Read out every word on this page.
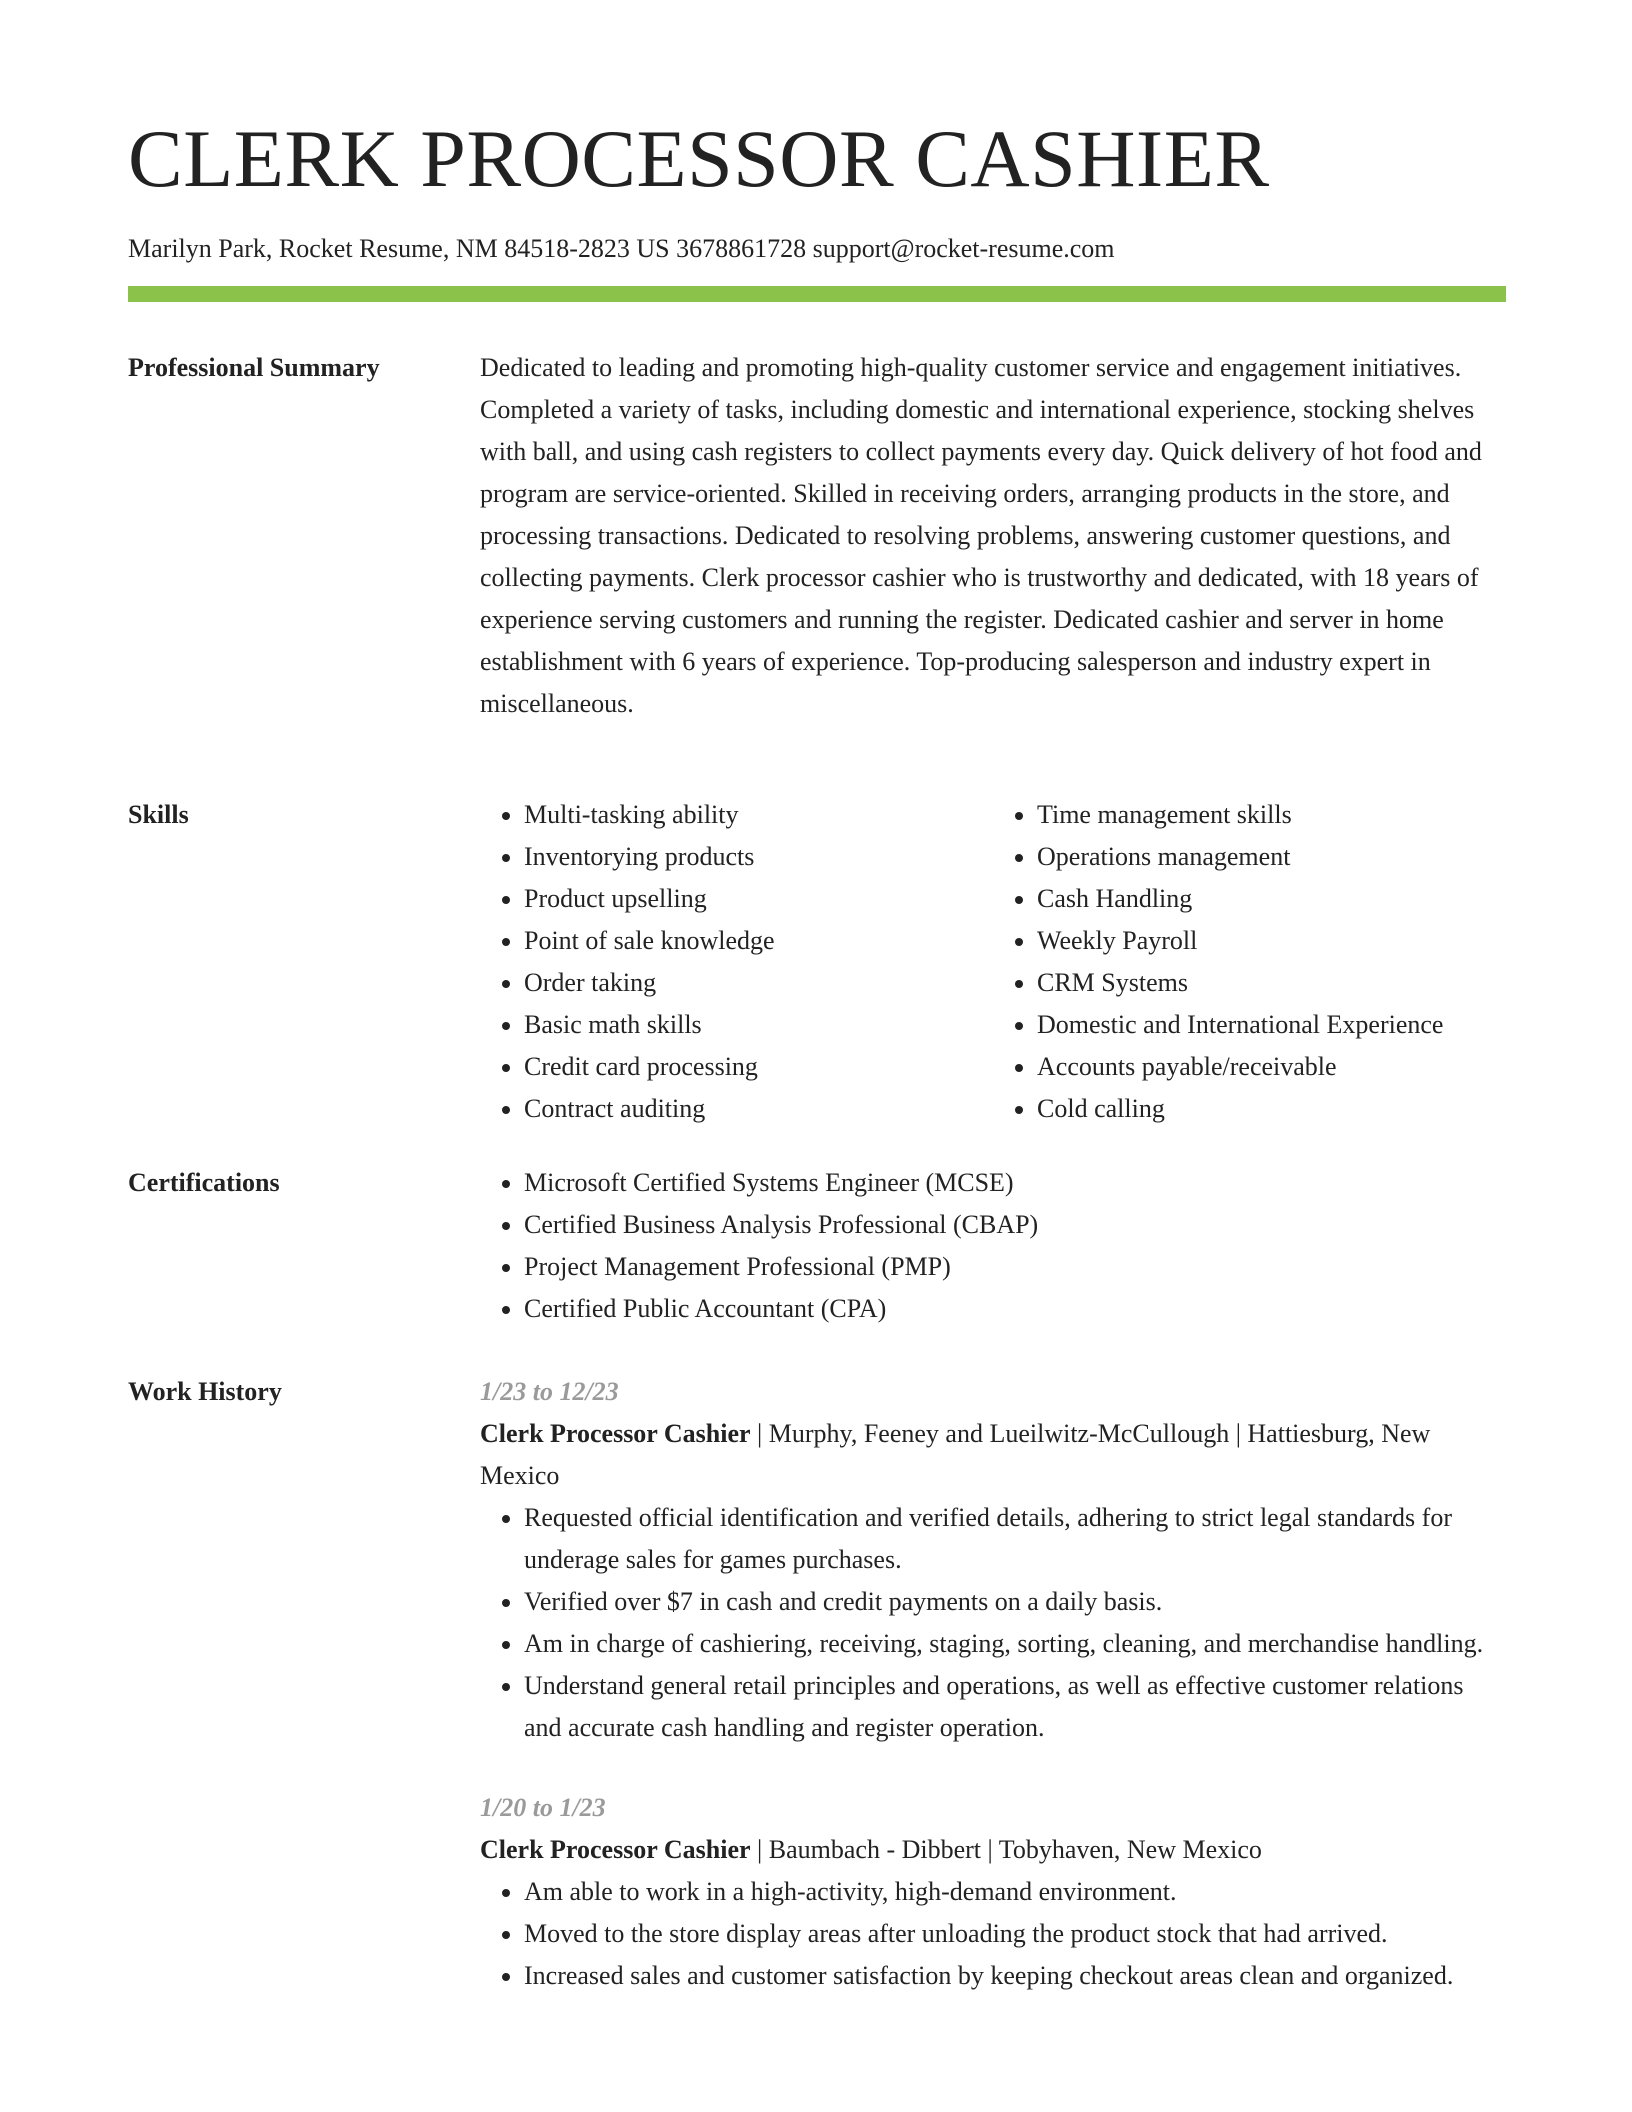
CLERK PROCESSOR CASHIER
Marilyn Park, Rocket Resume, NM 84518-2823 US 3678861728 support@rocket-resume.com
Professional Summary	Dedicated to leading and promoting high-quality customer service and engagement initiatives. Completed a variety of tasks, including domestic and international experience, stocking shelves with ball, and using cash registers to collect payments every day. Quick delivery of hot food and program are service-oriented. Skilled in receiving orders, arranging products in the store, and processing transactions. Dedicated to resolving problems, answering customer questions, and collecting payments. Clerk processor cashier who is trustworthy and dedicated, with 18 years of experience serving customers and running the register. Dedicated cashier and server in home establishment with 6 years of experience. Top-producing salesperson and industry expert in miscellaneous.

Skills	• Multi-tasking ability
• Inventorying products
• Product upselling
• Point of sale knowledge
• Order taking
• Basic math skills
• Credit card processing
• Contract auditing
• Time management skills
• Operations management
• Cash Handling
• Weekly Payroll
• CRM Systems
• Domestic and International Experience
• Accounts payable/receivable
• Cold calling
Certifications	• Microsoft Certified Systems Engineer (MCSE)
• Certified Business Analysis Professional (CBAP)
• Project Management Professional (PMP)
• Certified Public Accountant (CPA)
Work History	1/23 to 12/23
Clerk Processor Cashier | Murphy, Feeney and Lueilwitz-McCullough | Hattiesburg, New Mexico
• Requested official identification and verified details, adhering to strict legal standards for underage sales for games purchases.
• Verified over $7 in cash and credit payments on a daily basis.
• Am in charge of cashiering, receiving, staging, sorting, cleaning, and merchandise handling.
• Understand general retail principles and operations, as well as effective customer relations and accurate cash handling and register operation.
1/20 to 1/23
Clerk Processor Cashier | Baumbach - Dibbert | Tobyhaven, New Mexico
• Am able to work in a high-activity, high-demand environment.
• Moved to the store display areas after unloading the product stock that had arrived.
• Increased sales and customer satisfaction by keeping checkout areas clean and organized.
